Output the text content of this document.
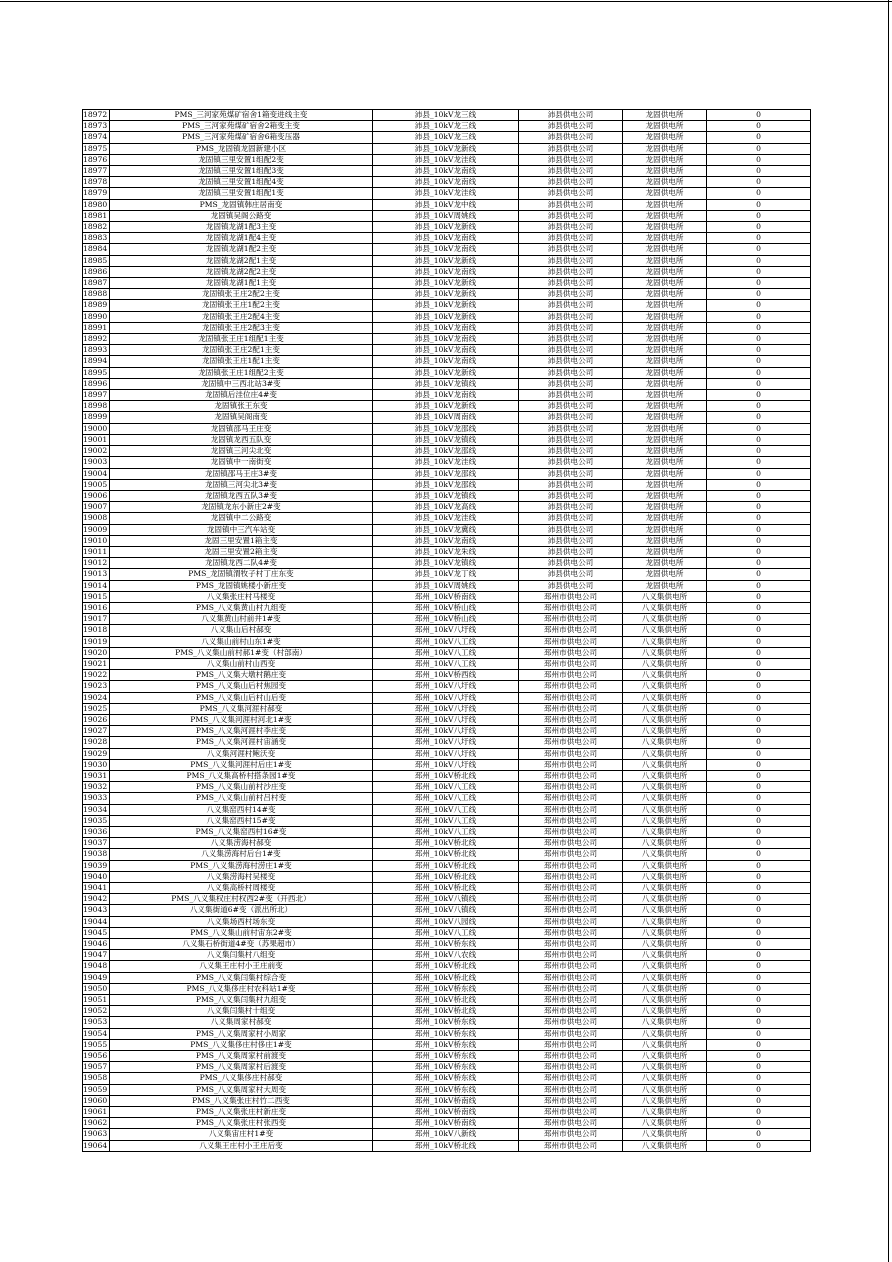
18972	PMS_三河家苑煤矿宿舍1箱变进线主变	沛县_10kV龙三线	沛县供电公司	龙固供电所	0
18973	PMS_三河家苑煤矿宿舍2箱变主变	沛县_10kV龙三线	沛县供电公司	龙固供电所	0
18974	PMS_三河家苑煤矿宿舍6箱变压器	沛县_10kV龙三线	沛县供电公司	龙固供电所	0
18975	PMS_龙固镇龙固新建小区	沛县_10kV龙新线	沛县供电公司	龙固供电所	0
18976	龙固镇三里安置1组配2变	沛县_10kV龙洼线	沛县供电公司	龙固供电所	0
18977	龙固镇三里安置1组配3变	沛县_10kV龙南线	沛县供电公司	龙固供电所	0
18978	龙固镇三里安置1组配4变	沛县_10kV龙南线	沛县供电公司	龙固供电所	0
18979	龙固镇三里安置1组配1变	沛县_10kV龙洼线	沛县供电公司	龙固供电所	0
18980	PMS_龙固镇韩庄居南变	沛县_10kV龙中线	沛县供电公司	龙固供电所	0
18981	龙固镇吴阁公路变	沛县_10kV周姚线	沛县供电公司	龙固供电所	0
18982	龙固镇龙湖1配3主变	沛县_10kV龙新线	沛县供电公司	龙固供电所	0
18983	龙固镇龙湖1配4主变	沛县_10kV龙南线	沛县供电公司	龙固供电所	0
18984	龙固镇龙湖1配2主变	沛县_10kV龙南线	沛县供电公司	龙固供电所	0
18985	龙固镇龙湖2配1主变	沛县_10kV龙新线	沛县供电公司	龙固供电所	0
18986	龙固镇龙湖2配2主变	沛县_10kV龙南线	沛县供电公司	龙固供电所	0
18987	龙固镇龙湖1配1主变	沛县_10kV龙新线	沛县供电公司	龙固供电所	0
18988	龙固镇张王庄2配2主变	沛县_10kV龙新线	沛县供电公司	龙固供电所	0
18989	龙固镇张王庄1配2主变	沛县_10kV龙新线	沛县供电公司	龙固供电所	0
18990	龙固镇张王庄2配4主变	沛县_10kV龙新线	沛县供电公司	龙固供电所	0
18991	龙固镇张王庄2配3主变	沛县_10kV龙南线	沛县供电公司	龙固供电所	0
18992	龙固镇张王庄1组配1主变	沛县_10kV龙南线	沛县供电公司	龙固供电所	0
18993	龙固镇张王庄2配1主变	沛县_10kV龙南线	沛县供电公司	龙固供电所	0
18994	龙固镇张王庄1配1主变	沛县_10kV龙南线	沛县供电公司	龙固供电所	0
18995	龙固镇张王庄1组配2主变	沛县_10kV龙新线	沛县供电公司	龙固供电所	0
18996	龙固镇中三西北站3#变	沛县_10kV龙镇线	沛县供电公司	龙固供电所	0
18997	龙固镇后洼位庄4#变	沛县_10kV龙南线	沛县供电公司	龙固供电所	0
18998	龙固镇张王东变	沛县_10kV龙新线	沛县供电公司	龙固供电所	0
18999	龙固镇吴阁南变	沛县_10kV周南线	沛县供电公司	龙固供电所	0
19000	龙固镇邵马王庄变	沛县_10kV龙邵线	沛县供电公司	龙固供电所	0
19001	龙固镇龙西五队变	沛县_10kV龙镇线	沛县供电公司	龙固供电所	0
19002	龙固镇三河尖北变	沛县_10kV龙邵线	沛县供电公司	龙固供电所	0
19003	龙固镇中一南街变	沛县_10kV龙洼线	沛县供电公司	龙固供电所	0
19004	龙固镇邵马王庄3#变	沛县_10kV龙邵线	沛县供电公司	龙固供电所	0
19005	龙固镇三河尖北3#变	沛县_10kV龙邵线	沛县供电公司	龙固供电所	0
19006	龙固镇龙西五队3#变	沛县_10kV龙镇线	沛县供电公司	龙固供电所	0
19007	龙固镇龙东小新庄2#变	沛县_10kV龙高线	沛县供电公司	龙固供电所	0
19008	龙固镇中二公路变	沛县_10kV龙洼线	沛县供电公司	龙固供电所	0
19009	龙固镇中三汽车站变	沛县_10kV龙冀线	沛县供电公司	龙固供电所	0
19010	龙固三里安置1箱主变	沛县_10kV龙南线	沛县供电公司	龙固供电所	0
19011	龙固三里安置2箱主变	沛县_10kV龙朱线	沛县供电公司	龙固供电所	0
19012	龙固镇龙西二队4#变	沛县_10kV龙镇线	沛县供电公司	龙固供电所	0
19013	PMS_龙固镇渭牧子村丁庄东变	沛县_10kV龙丁线	沛县供电公司	龙固供电所	0
19014	PMS_龙固镇姚楼小新庄变	沛县_10kV周姚线	沛县供电公司	龙固供电所	0
19015	八义集张庄村马楼变	邳州_10kV桥南线	邳州市供电公司	八义集供电所	0
19016	PMS_八义集黄山村九组变	邳州_10kV桥山线	邳州市供电公司	八义集供电所	0
19017	八义集黄山村前井1#变	邳州_10kV桥山线	邳州市供电公司	八义集供电所	0
19018	八义集山后村郝变	邳州_10kV八圩线	邳州市供电公司	八义集供电所	0
19019	八义集山前村山东1#变	邳州_10kV八工线	邳州市供电公司	八义集供电所	0
19020	PMS_八义集山前村郝1#变（村部南）	邳州_10kV八工线	邳州市供电公司	八义集供电所	0
19021	八义集山前村山西变	邳州_10kV八工线	邳州市供电公司	八义集供电所	0
19022	PMS_八义集大墩村鹅庄变	邳州_10kV桥西线	邳州市供电公司	八义集供电所	0
19023	PMS_八义集山后村焦园变	邳州_10kV八圩线	邳州市供电公司	八义集供电所	0
19024	PMS_八义集山后村山后变	邳州_10kV八圩线	邳州市供电公司	八义集供电所	0
19025	PMS_八义集河涯村郝变	邳州_10kV八圩线	邳州市供电公司	八义集供电所	0
19026	PMS_八义集河涯村河北1#变	邳州_10kV八圩线	邳州市供电公司	八义集供电所	0
19027	PMS_八义集河涯村李庄变	邳州_10kV八圩线	邳州市供电公司	八义集供电所	0
19028	PMS_八义集河涯村宙涵变	邳州_10kV八圩线	邳州市供电公司	八义集供电所	0
19029	八义集河涯村鲍沃变	邳州_10kV八圩线	邳州市供电公司	八义集供电所	0
19030	PMS_八义集河涯村后庄1#变	邳州_10kV八圩线	邳州市供电公司	八义集供电所	0
19031	PMS_八义集高桥村搭条园1#变	邳州_10kV桥北线	邳州市供电公司	八义集供电所	0
19032	PMS_八义集山前村沙庄变	邳州_10kV八工线	邳州市供电公司	八义集供电所	0
19033	PMS_八义集山前村吕村变	邳州_10kV八工线	邳州市供电公司	八义集供电所	0
19034	八义集窑西村14#变	邳州_10kV八工线	邳州市供电公司	八义集供电所	0
19035	八义集窑西村15#变	邳州_10kV八工线	邳州市供电公司	八义集供电所	0
19036	PMS_八义集窑西村16#变	邳州_10kV八工线	邳州市供电公司	八义集供电所	0
19037	八义集涝海村郝变	邳州_10kV桥北线	邳州市供电公司	八义集供电所	0
19038	八义集涝海村后台1#变	邳州_10kV桥北线	邳州市供电公司	八义集供电所	0
19039	PMS_八义集涝海村涝庄1#变	邳州_10kV桥北线	邳州市供电公司	八义集供电所	0
19040	八义集涝海村吴楼变	邳州_10kV桥北线	邳州市供电公司	八义集供电所	0
19041	八义集高桥村周楼变	邳州_10kV桥北线	邳州市供电公司	八义集供电所	0
19042	PMS_八义集权庄村权西2#变（开西北）	邳州_10kV八镇线	邳州市供电公司	八义集供电所	0
19043	八义集街道6#变（派出所北）	邳州_10kV八镇线	邳州市供电公司	八义集供电所	0
19044	八义集场西村场东变	邳州_10kV八园线	邳州市供电公司	八义集供电所	0
19045	PMS_八义集山前村宙东2#变	邳州_10kV八工线	邳州市供电公司	八义集供电所	0
19046	八义集石桥街道4#变（苏果超市）	邳州_10kV桥东线	邳州市供电公司	八义集供电所	0
19047	八义集闫集村八组变	邳州_10kV八农线	邳州市供电公司	八义集供电所	0
19048	八义集王庄村小王庄前变	邳州_10kV桥北线	邳州市供电公司	八义集供电所	0
19049	PMS_八义集闫集村综合变	邳州_10kV桥北线	邳州市供电公司	八义集供电所	0
19050	PMS_八义集侈庄村农科站1#变	邳州_10kV桥东线	邳州市供电公司	八义集供电所	0
19051	PMS_八义集闫集村九组变	邳州_10kV桥北线	邳州市供电公司	八义集供电所	0
19052	八义集闫集村十组变	邳州_10kV桥北线	邳州市供电公司	八义集供电所	0
19053	八义集周家村郝变	邳州_10kV桥东线	邳州市供电公司	八义集供电所	0
19054	PMS_八义集周家村小周家	邳州_10kV桥东线	邳州市供电公司	八义集供电所	0
19055	PMS_八义集侈庄村侈庄1#变	邳州_10kV桥东线	邳州市供电公司	八义集供电所	0
19056	PMS_八义集周家村前渡变	邳州_10kV桥东线	邳州市供电公司	八义集供电所	0
19057	PMS_八义集周家村后渡变	邳州_10kV桥东线	邳州市供电公司	八义集供电所	0
19058	PMS_八义集侈庄村郝变	邳州_10kV桥东线	邳州市供电公司	八义集供电所	0
19059	PMS_八义集周家村大周变	邳州_10kV桥东线	邳州市供电公司	八义集供电所	0
19060	PMS_八义集张庄村竹二西变	邳州_10kV桥南线	邳州市供电公司	八义集供电所	0
19061	PMS_八义集张庄村新庄变	邳州_10kV桥南线	邳州市供电公司	八义集供电所	0
19062	PMS_八义集张庄村张西变	邳州_10kV桥南线	邳州市供电公司	八义集供电所	0
19063	八义集宙庄村1#变	邳州_10kV八新线	邳州市供电公司	八义集供电所	0
19064	八义集王庄村小王庄后变	邳州_10kV桥北线	邳州市供电公司	八义集供电所	0
